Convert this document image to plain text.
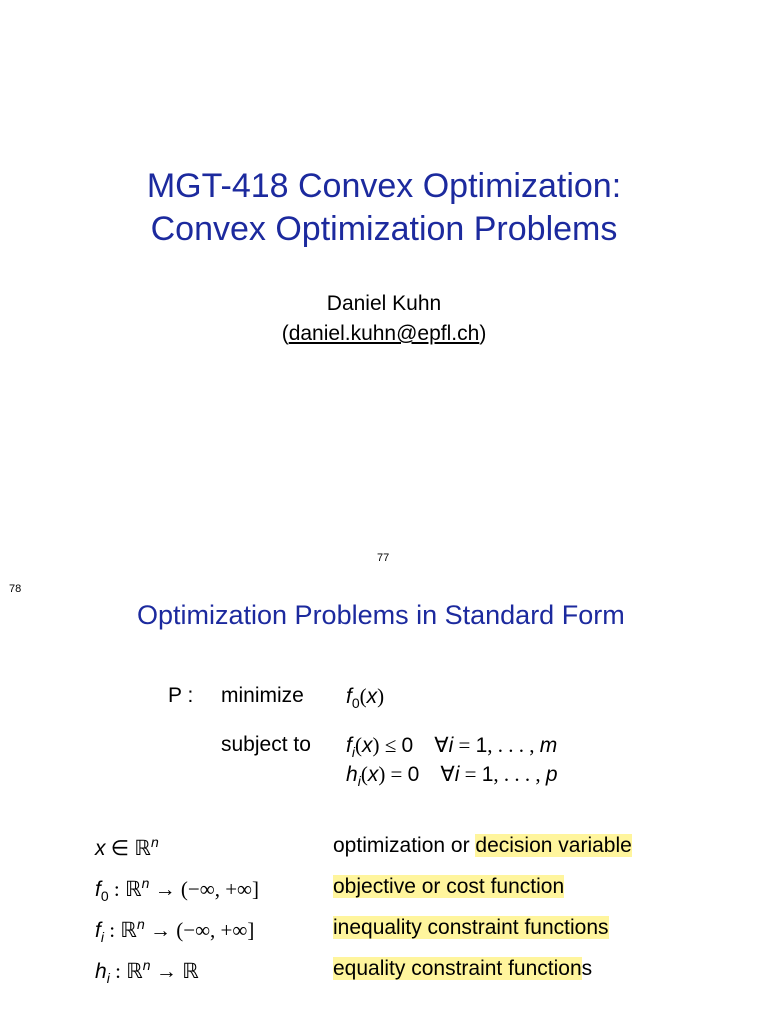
MGT-418 Convex Optimization:
Convex Optimization Problems
Daniel Kuhn
(daniel.kuhn@epfl.ch)
77
78
Optimization Problems in Standard Form
P : minimize $f_0(x)$
subject to $f_i(x) \le 0$    ∀i = 1, . . . , m
$h_i(x) = 0$    ∀i = 1, . . . , p
x ∈ ℝ$^n$	optimization or decision variable
$f_0$ : ℝ$^n$ → (−∞, +∞]	objective or cost function
$f_i$ : ℝ$^n$ → (−∞, +∞]	inequality constraint functions
$h_i$ : ℝ$^n$ → ℝ	equality constraint functions
